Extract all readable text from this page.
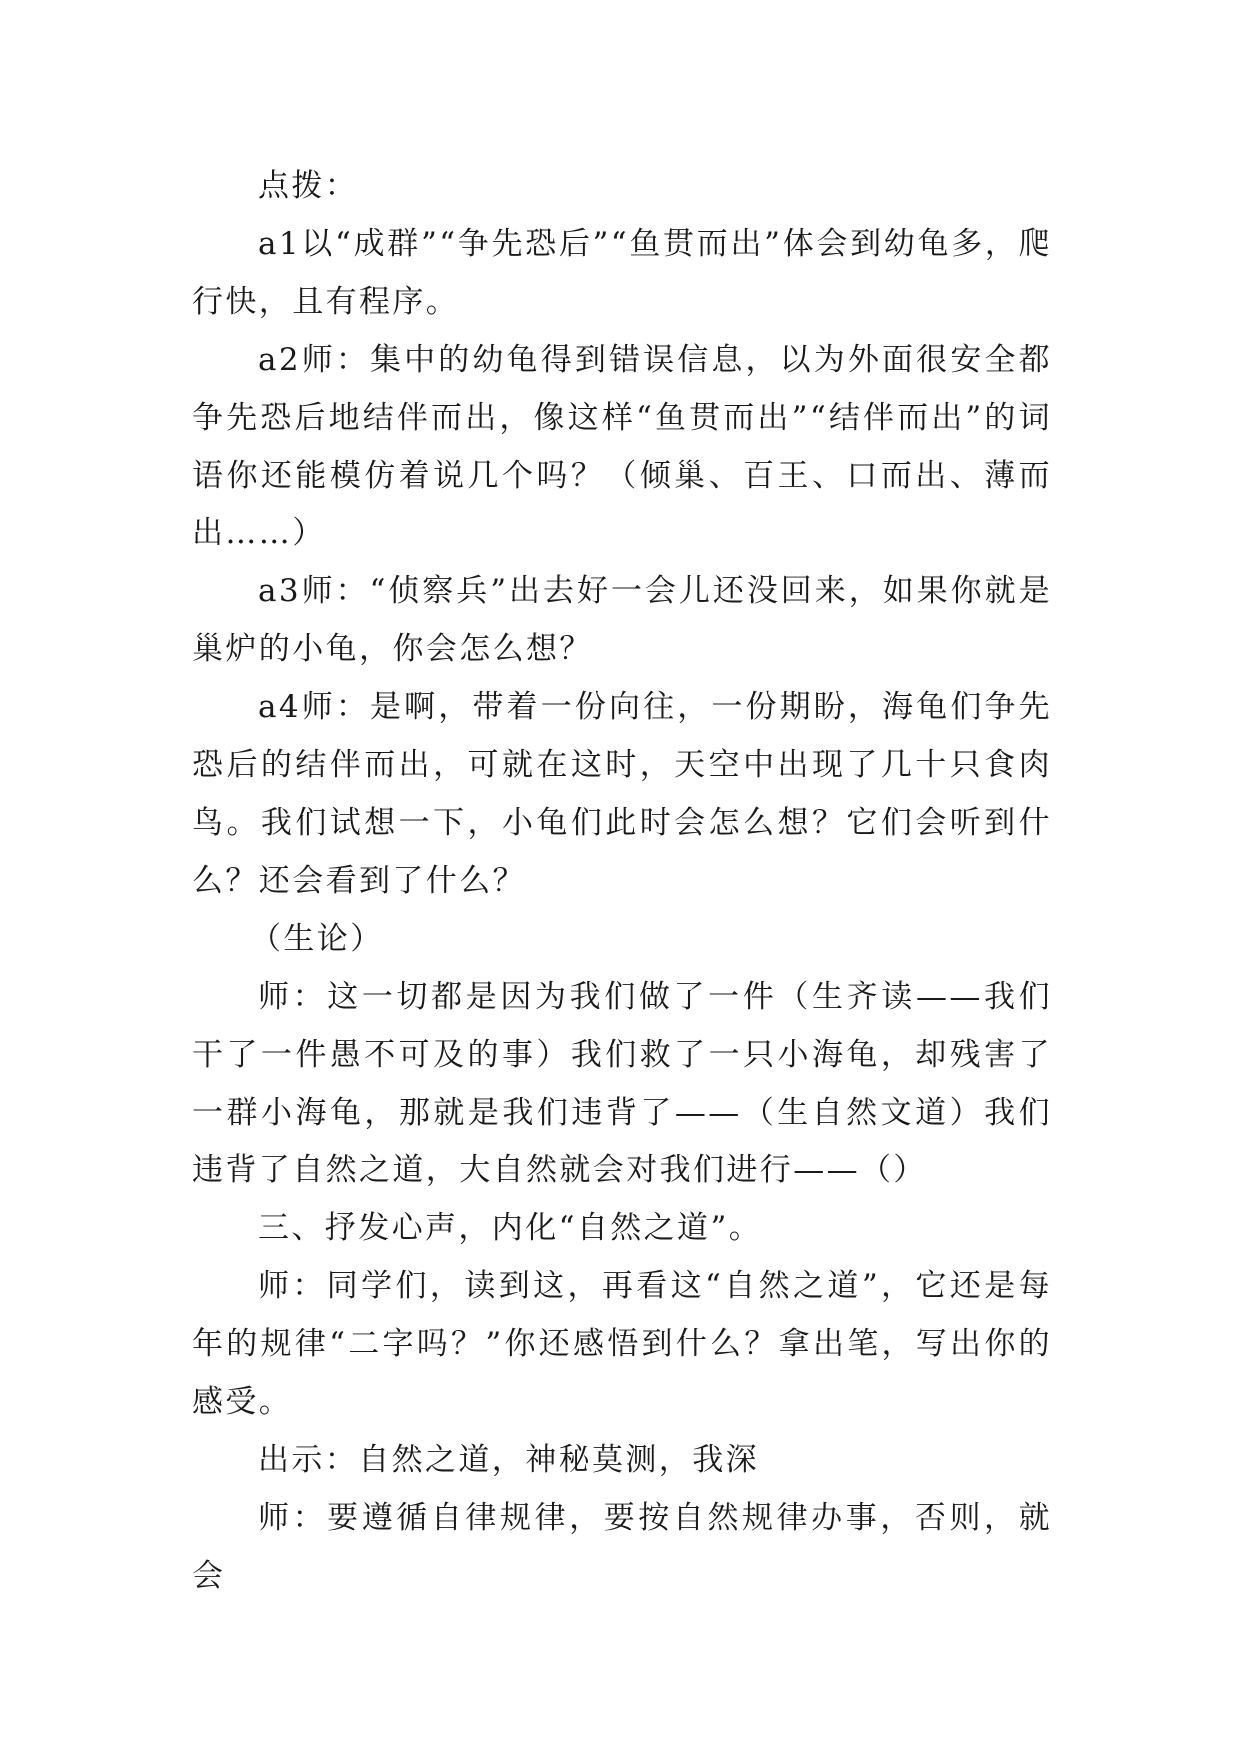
点拨：

a1以“成群”“争先恐后”“鱼贯而出”体会到幼龟多，爬行快，且有程序。

a2师：集中的幼龟得到错误信息，以为外面很安全都争先恐后地结伴而出，像这样“鱼贯而出”“结伴而出”的词语你还能模仿着说几个吗？（倾巢、百王、口而出、薄而出……）

a3师：“侦察兵”出去好一会儿还没回来，如果你就是巢炉的小龟，你会怎么想？

a4师：是啊，带着一份向往，一份期盼，海龟们争先恐后的结伴而出，可就在这时，天空中出现了几十只食肉鸟。我们试想一下，小龟们此时会怎么想？它们会听到什么？还会看到了什么？

（生论）

师：这一切都是因为我们做了一件（生齐读——我们干了一件愚不可及的事）我们救了一只小海龟，却残害了一群小海龟，那就是我们违背了——（生自然文道）我们违背了自然之道，大自然就会对我们进行——（）

三、抒发心声，内化“自然之道”。

师：同学们，读到这，再看这“自然之道”，它还是每年的规律“二字吗？”你还感悟到什么？拿出笔，写出你的感受。

出示：自然之道，神秘莫测，我深

师：要遵循自律规律，要按自然规律办事，否则，就会
